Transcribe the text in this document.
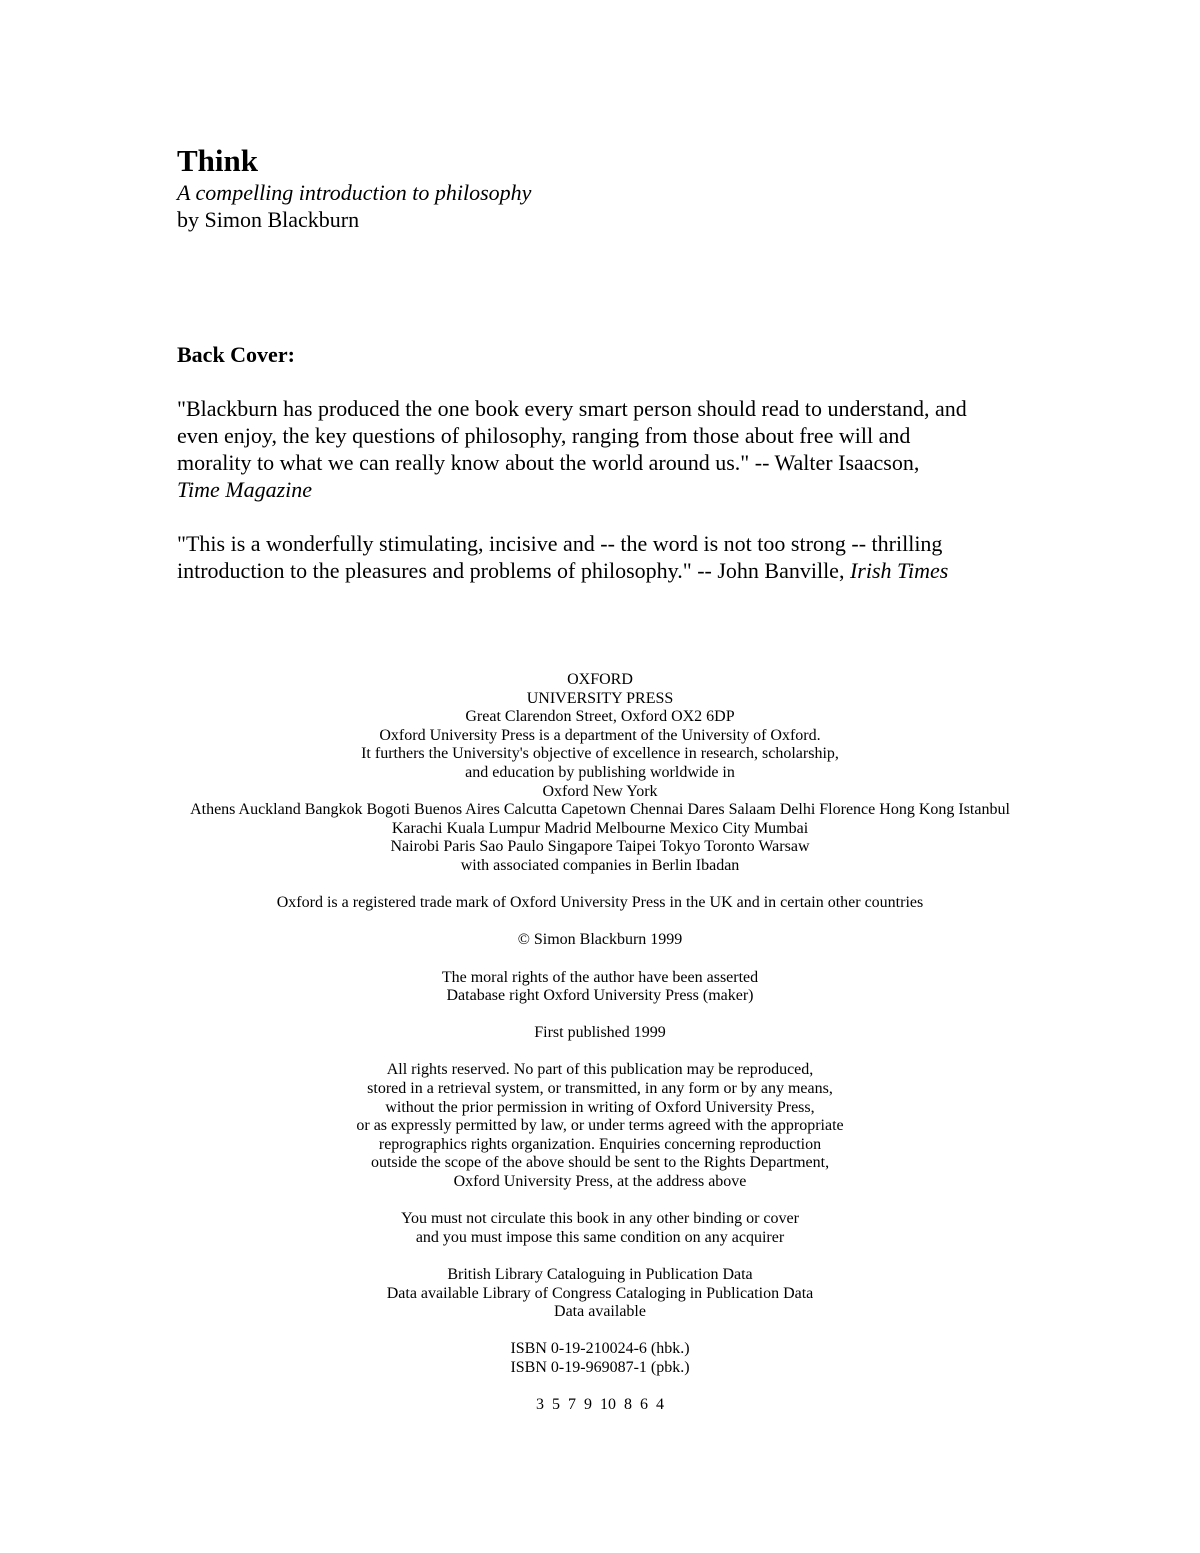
Think
A compelling introduction to philosophy
by Simon Blackburn
Back Cover:
"Blackburn has produced the one book every smart person should read to understand, and
even enjoy, the key questions of philosophy, ranging from those about free will and
morality to what we can really know about the world around us." -- Walter Isaacson,
Time Magazine
"This is a wonderfully stimulating, incisive and -- the word is not too strong -- thrilling
introduction to the pleasures and problems of philosophy." -- John Banville, Irish Times
OXFORD
UNIVERSITY PRESS
Great Clarendon Street, Oxford OX2 6DP
Oxford University Press is a department of the University of Oxford.
It furthers the University's objective of excellence in research, scholarship,
and education by publishing worldwide in
Oxford New York
Athens Auckland Bangkok Bogoti Buenos Aires Calcutta Capetown Chennai Dares Salaam Delhi Florence Hong Kong Istanbul
Karachi Kuala Lumpur Madrid Melbourne Mexico City Mumbai
Nairobi Paris Sao Paulo Singapore Taipei Tokyo Toronto Warsaw
with associated companies in Berlin Ibadan
Oxford is a registered trade mark of Oxford University Press in the UK and in certain other countries
© Simon Blackburn 1999
The moral rights of the author have been asserted
Database right Oxford University Press (maker)
First published 1999
All rights reserved. No part of this publication may be reproduced,
stored in a retrieval system, or transmitted, in any form or by any means,
without the prior permission in writing of Oxford University Press,
or as expressly permitted by law, or under terms agreed with the appropriate
reprographics rights organization. Enquiries concerning reproduction
outside the scope of the above should be sent to the Rights Department,
Oxford University Press, at the address above
You must not circulate this book in any other binding or cover
and you must impose this same condition on any acquirer
British Library Cataloguing in Publication Data
Data available Library of Congress Cataloging in Publication Data
Data available
ISBN 0-19-210024-6 (hbk.)
ISBN 0-19-969087-1 (pbk.)
3 5 7 9 10 8 6 4
